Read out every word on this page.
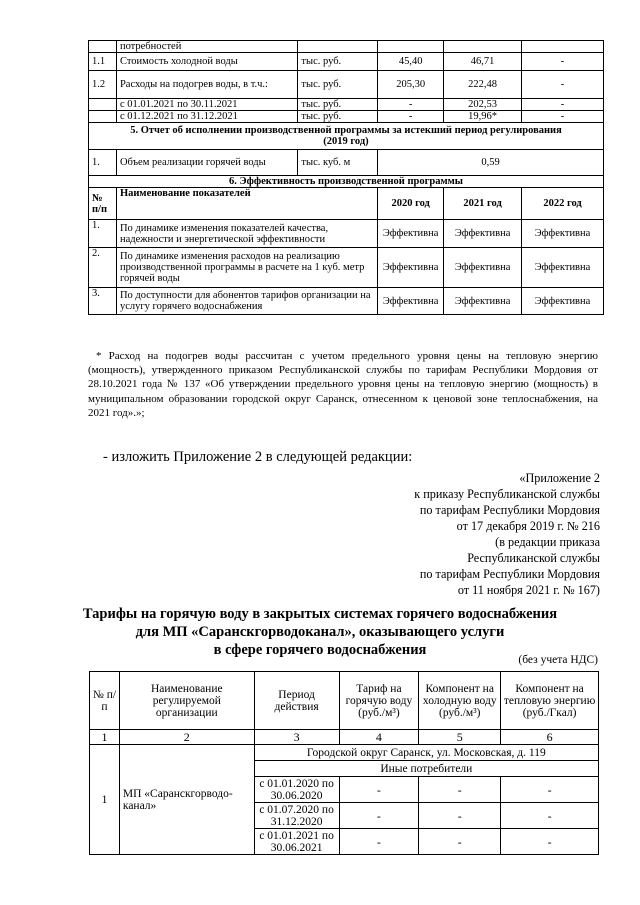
	потребностей				
1.1	Стоимость холодной воды	тыс. руб.	45,40	46,71	-
1.2	Расходы на подогрев воды, в т.ч.:	тыс. руб.	205,30	222,48	-
	с 01.01.2021 по 30.11.2021	тыс. руб.	-	202,53	-
	с 01.12.2021 по 31.12.2021	тыс. руб.	-	19,96*	-
5. Отчет об исполнении производственной программы за истекший период регулирования (2019 год)					
1.	Объем реализации горячей воды	тыс. куб. м	0,59		
6. Эффективность производственной программы					
№ п/п	Наименование показателей		2020 год	2021 год	2022 год
1.	По динамике изменения показателей качества, надежности и энергетической эффективности		Эффективна	Эффективна	Эффективна
2.	По динамике изменения расходов на реализацию производственной программы в расчете на 1 куб. метр горячей воды		Эффективна	Эффективна	Эффективна
3.	По доступности для абонентов тарифов организации на услугу горячего водоснабжения		Эффективна	Эффективна	Эффективна

* Расход на подогрев воды рассчитан с учетом предельного уровня цены на тепловую энергию (мощность), утвержденного приказом Республиканской службы по тарифам Республики Мордовия от 28.10.2021 года № 137 «Об утверждении предельного уровня цены на тепловую энергию (мощность) в муниципальном образовании городской округ Саранск, отнесенном к ценовой зоне теплоснабжения, на 2021 год».»;

- изложить Приложение 2 в следующей редакции:

«Приложение 2
к приказу Республиканской службы
по тарифам Республики Мордовия
от 17 декабря 2019 г. № 216
(в редакции приказа
Республиканской службы
по тарифам Республики Мордовия
от 11 ноября 2021 г. № 167)
Тарифы на горячую воду в закрытых системах горячего водоснабжения
для МП «Саранскгорводоканал», оказывающего услуги
в сфере горячего водоснабжения
(без учета НДС)
№ п/п	Наименование регулируемой организации	Период действия	Тариф на горячую воду (руб./м³)	Компонент на холодную воду (руб./м³)	Компонент на тепловую энергию (руб./Гкал)
1	2	3	4	5	6
1	МП «Саранскгорводо-канал»	Городской округ Саранск, ул. Московская, д. 119			
		Иные потребители			
		с 01.01.2020 по 30.06.2020	-	-	-
		с 01.07.2020 по 31.12.2020	-	-	-
		с 01.01.2021 по 30.06.2021	-	-	-
